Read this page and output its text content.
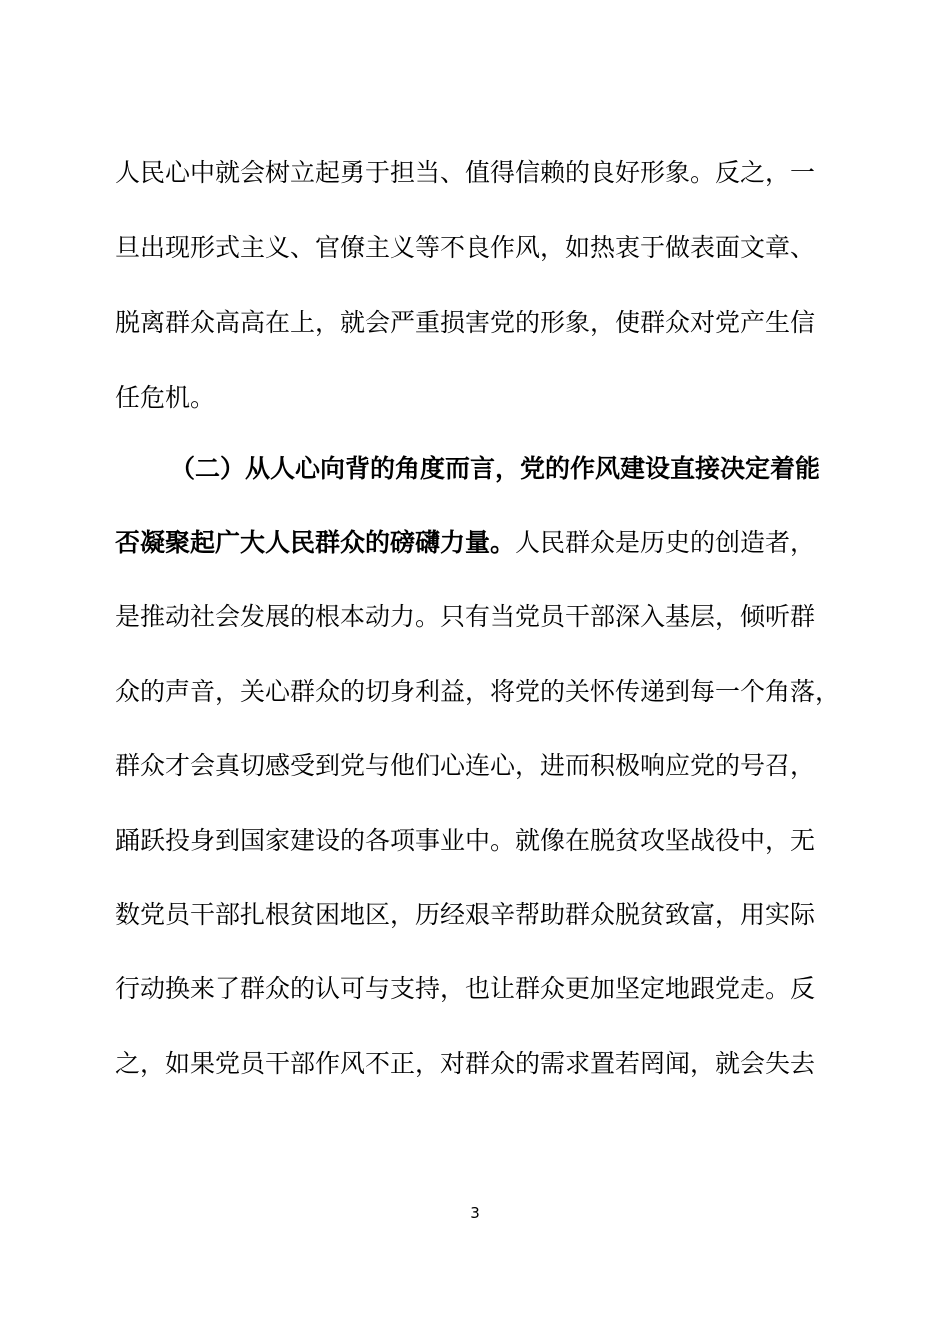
人民心中就会树立起勇于担当、值得信赖的良好形象。反之，一
旦出现形式主义、官僚主义等不良作风，如热衷于做表面文章、
脱离群众高高在上，就会严重损害党的形象，使群众对党产生信
任危机。
（二）从人心向背的角度而言，党的作风建设直接决定着能
否凝聚起广大人民群众的磅礴力量。人民群众是历史的创造者，
是推动社会发展的根本动力。只有当党员干部深入基层，倾听群
众的声音，关心群众的切身利益，将党的关怀传递到每一个角落，
群众才会真切感受到党与他们心连心，进而积极响应党的号召，
踊跃投身到国家建设的各项事业中。就像在脱贫攻坚战役中，无
数党员干部扎根贫困地区，历经艰辛帮助群众脱贫致富，用实际
行动换来了群众的认可与支持，也让群众更加坚定地跟党走。反
之，如果党员干部作风不正，对群众的需求置若罔闻，就会失去
3
